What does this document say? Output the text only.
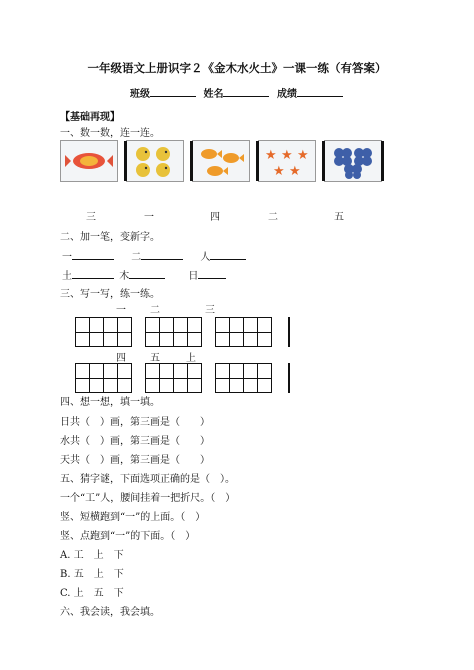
一年级语文上册识字２《金木水火土》一课一练（有答案）
班级	姓名	成绩
【基础再现】
一、数一数，连一连。
★ ★ ★
★ ★
三	一	四	二	五
二、加一笔，变新字。
一	二	人
土	木	日
三、写一写，练一练。
一 二	三
四 五	上
四、想一想，填一填。
日共（　）画，第三画是（　　）
水共（　）画，第三画是（　　）
天共（　）画，第三画是（　　）
五、猜字谜，下面选项正确的是（　）。
一个“工”人，腰间挂着一把折尺。（　）
竖、短横跑到“一”的上面。（　）
竖、点跑到“一”的下面。（　）
A. 工　上　下
B. 五　上　下
C. 上　五　下
六、我会读，我会填。
